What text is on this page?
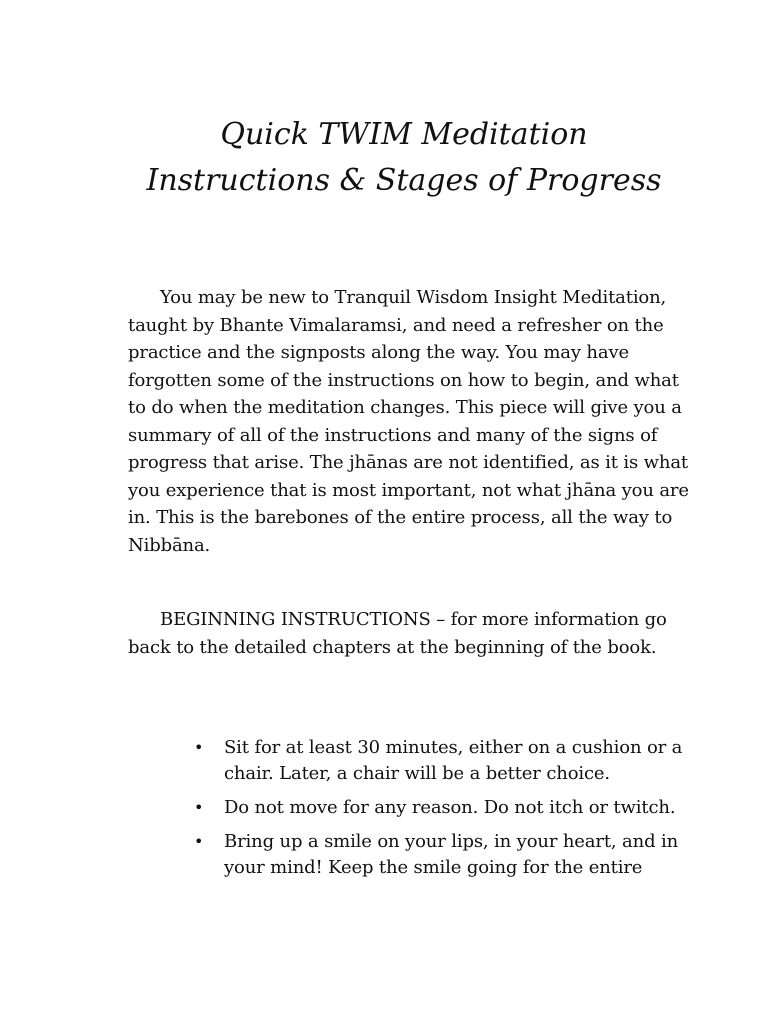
Quick TWIM Meditation
Instructions & Stages of Progress

You may be new to Tranquil Wisdom Insight Meditation, taught by Bhante Vimalaramsi, and need a refresher on the practice and the signposts along the way. You may have forgotten some of the instructions on how to begin, and what to do when the meditation changes. This piece will give you a summary of all of the instructions and many of the signs of progress that arise. The jhānas are not identified, as it is what you experience that is most important, not what jhāna you are in. This is the barebones of the entire process, all the way to Nibbāna.

BEGINNING INSTRUCTIONS – for more information go back to the detailed chapters at the beginning of the book.

• Sit for at least 30 minutes, either on a cushion or a chair. Later, a chair will be a better choice.
• Do not move for any reason. Do not itch or twitch.
• Bring up a smile on your lips, in your heart, and in your mind! Keep the smile going for the entire
